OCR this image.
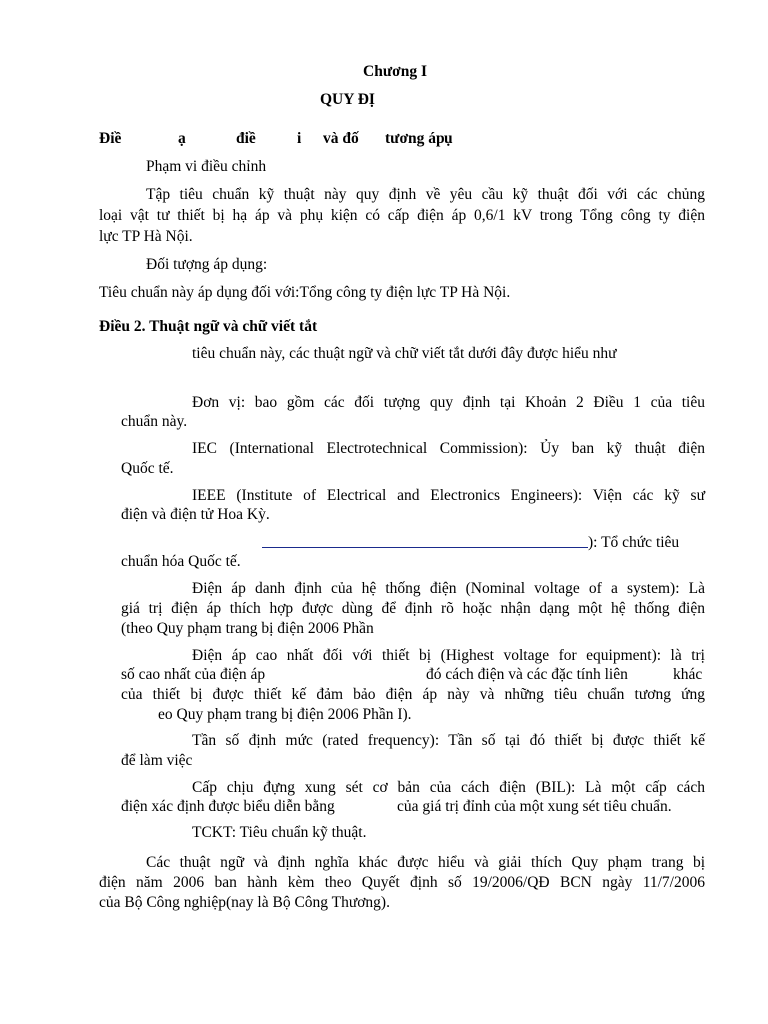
Chương I
QUY ĐỊ
Điề	ạ	điề	i và đố tương áp ụ
Phạm vi điều chỉnh
Tập tiêu chuẩn kỹ thuật này quy định về yêu cầu kỹ thuật đối với các chủng
loại vật tư thiết bị hạ áp và phụ kiện có cấp điện áp 0,6/1 kV trong Tổng công ty điện
lực TP Hà Nội.
Đối tượng áp dụng:
Tiêu chuẩn này áp dụng đối với:Tổng công ty điện lực TP Hà Nội.
Điều 2. Thuật ngữ và chữ viết tắt
tiêu chuẩn này, các thuật ngữ và chữ viết tắt dưới đây được hiểu như
Đơn vị: bao gồm các đối tượng quy định tại Khoản 2 Điều 1 của tiêu
chuẩn này.
IEC (International Electrotechnical Commission): Ủy ban kỹ thuật điện
Quốc tế.
IEEE (Institute of Electrical and Electronics Engineers): Viện các kỹ sư
điện và điện tử Hoa Kỳ.
): Tổ chức tiêu
chuẩn hóa Quốc tế.
Điện áp danh định của hệ thống điện (Nominal voltage of a system): Là
giá trị điện áp thích hợp được dùng để định rõ hoặc nhận dạng một hệ thống điện
(theo Quy phạm trang bị điện 2006 Phần
Điện áp cao nhất đối với thiết bị (Highest voltage for equipment): là trị
số cao nhất của điện áp	đó cách điện và các đặc tính liên	khác
của thiết bị được thiết kế đảm bảo điện áp này và những tiêu chuẩn tương ứng
eo Quy phạm trang bị điện 2006 Phần I).
Tần số định mức (rated frequency): Tần số tại đó thiết bị được thiết kế
để làm việc
Cấp chịu đựng xung sét cơ bản của cách điện (BIL): Là một cấp cách
điện xác định được biểu diễn bằng	của giá trị đỉnh của một xung sét tiêu chuẩn.
TCKT: Tiêu chuẩn kỹ thuật.
Các thuật ngữ và định nghĩa khác được hiểu và giải thích Quy phạm trang bị
điện năm 2006 ban hành kèm theo Quyết định số 19/2006/QĐ BCN ngày 11/7/2006
của Bộ Công nghiệp(nay là Bộ Công Thương).
